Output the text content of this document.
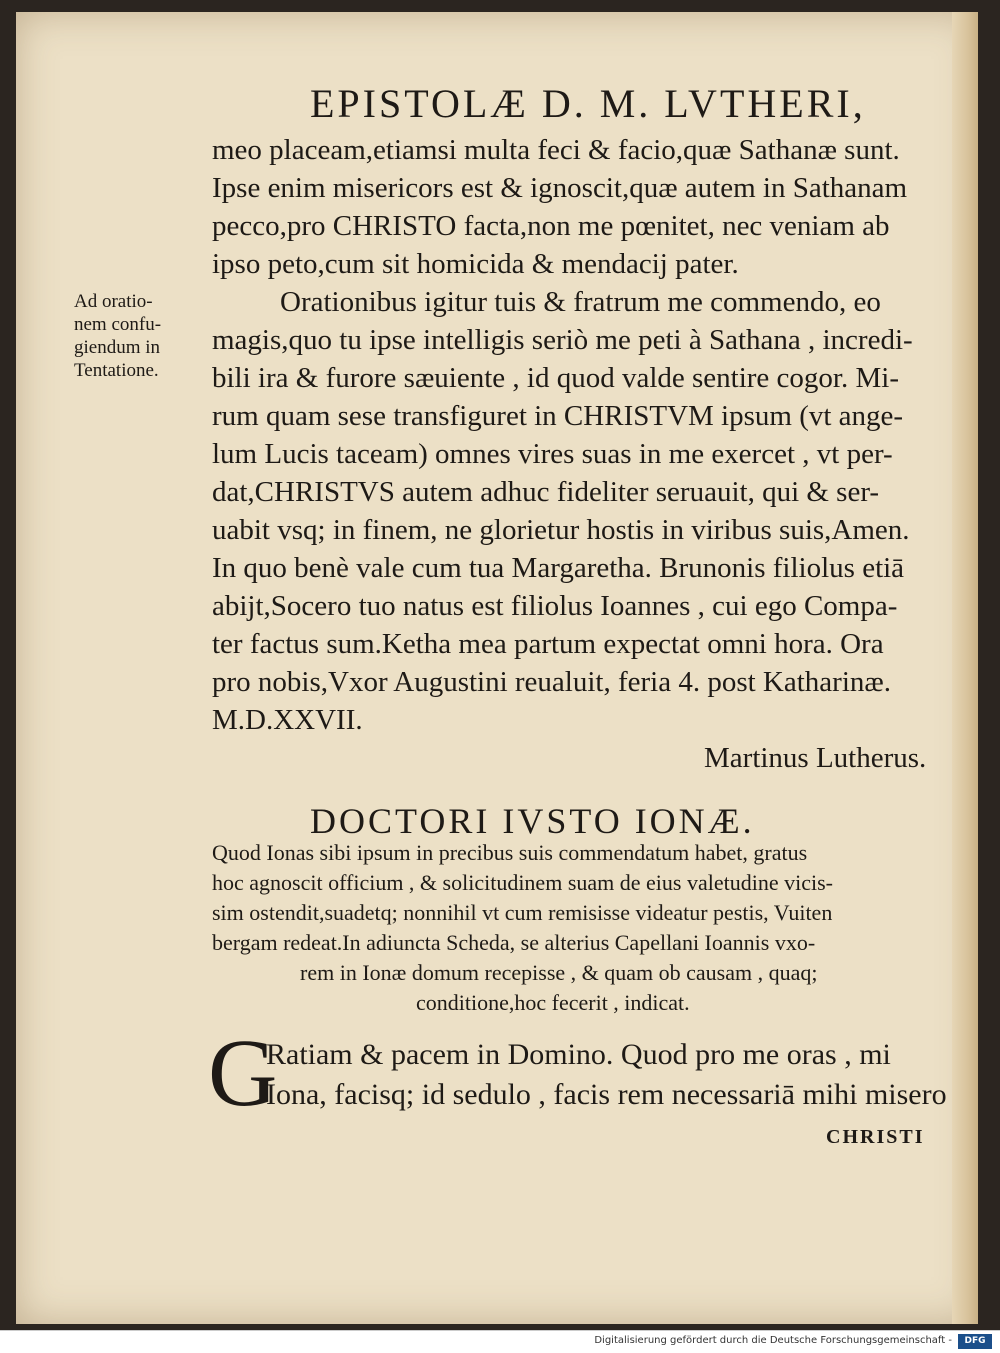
EPISTOLÆ D. M. LVTHERI,
meo placeam,etiamsi multa feci & facio,quæ Sathanæ sunt.
Ipse enim misericors est & ignoscit,quæ autem in Sathanam
pecco,pro CHRISTO facta,non me pœnitet, nec veniam ab
ipso peto,cum sit homicida & mendacij pater.
Orationibus igitur tuis & fratrum me commendo, eo
magis,quo tu ipse intelligis seriò me peti à Sathana , incredi-
bili ira & furore sæuiente , id quod valde sentire cogor. Mi-
rum quam sese transfiguret in CHRISTVM ipsum (vt ange-
lum Lucis taceam) omnes vires suas in me exercet , vt per-
dat,CHRISTVS autem adhuc fideliter seruauit, qui & ser-
uabit vsq; in finem, ne glorietur hostis in viribus suis,Amen.
In quo benè vale cum tua Margaretha. Brunonis filiolus etiā
abijt,Socero tuo natus est filiolus Ioannes , cui ego Compa-
ter factus sum.Ketha mea partum expectat omni hora. Ora
pro nobis,Vxor Augustini reualuit, feria 4. post Katharinæ.
M.D.XXVII.
Ad oratio-
nem confu-
giendum in
Tentatione.
Martinus Lutherus.
DOCTORI IVSTO IONÆ.
Quod Ionas sibi ipsum in precibus suis commendatum habet, gratus
hoc agnoscit officium , & solicitudinem suam de eius valetudine vicis-
sim ostendit,suadetq; nonnihil vt cum remisisse videatur pestis, Vuiten
bergam redeat.In adiuncta Scheda, se alterius Capellani Ioannis vxo-
rem in Ionæ domum recepisse , & quam ob causam , quaq;
conditione,hoc fecerit , indicat.
G
Ratiam & pacem in Domino. Quod pro me oras , mi
Iona, facisq; id sedulo , facis rem necessariā mihi misero
CHRISTI
Digitalisierung gefördert durch die Deutsche Forschungsgemeinschaft -	DFG
